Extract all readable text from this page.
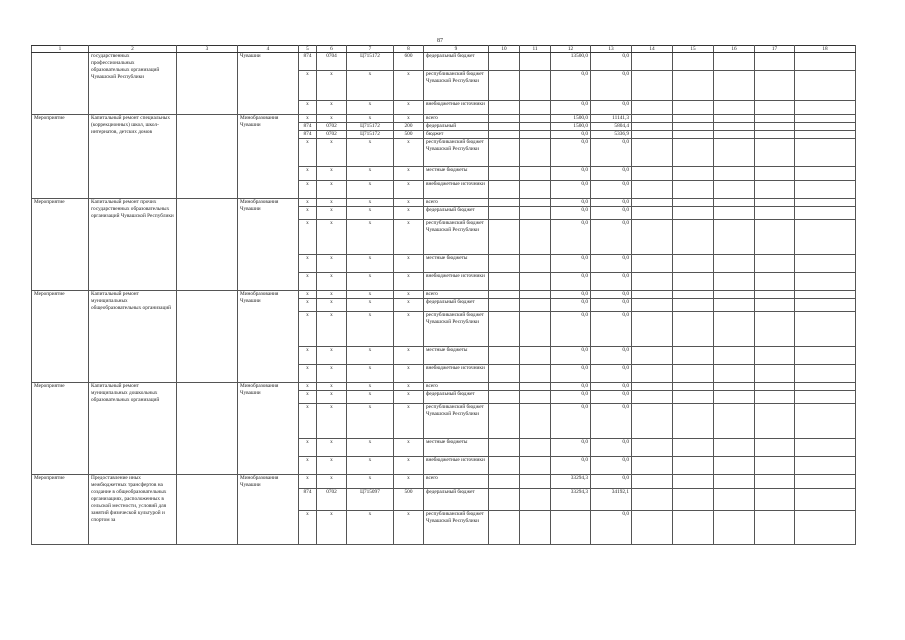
87
1	2	3	4	5	6	7	8	9	10	11	12	13	14	15	16	17	18
	государственных профессиональных образовательных организаций Чувашской Республики		Чувашии	874	0704	Ц715172	600	федеральный бюджет			13500,0	0,0					
				x	x	x	x	республиканский бюджет Чувашской Республики			0,0	0,0					
				x	x	x	x	внебюджетные источники			0,0	0,0					
Мероприятие	Капитальный ремонт специальных (коррекционных) школ, школ-интернатов, детских домов		Минобразования Чувашии	x	x	x	x	всего			1500,0	11141,3					
				874	0702	Ц715172	200	федеральный			1500,0	5804,4					
				874	0702	Ц715172	500	бюджет			0,0	5336,9					
				x	x	x	x	республиканский бюджет Чувашской Республики			0,0	0,0					
				x	x	x	x	местные бюджеты			0,0	0,0					
				x	x	x	x	внебюджетные источники			0,0	0,0					
Мероприятие	Капитальный ремонт прочих государственных образовательных организаций Чувашской Республики		Минобразования Чувашии	x	x	x	x	всего			0,0	0,0					
				x	x	x	x	федеральный бюджет			0,0	0,0					
				x	x	x	x	республиканский бюджет Чувашской Республики			0,0	0,0					
				x	x	x	x	местные бюджеты			0,0	0,0					
				x	x	x	x	внебюджетные источники			0,0	0,0					
Мероприятие	Капитальный ремонт муниципальных общеобразовательных организаций		Минобразования Чувашии	x	x	x	x	всего			0,0	0,0					
				x	x	x	x	федеральный бюджет			0,0	0,0					
				x	x	x	x	республиканский бюджет Чувашской Республики			0,0	0,0					
				x	x	x	x	местные бюджеты			0,0	0,0					
				x	x	x	x	внебюджетные источники			0,0	0,0					
Мероприятие	Капитальный ремонт муниципальных дошкольных образовательных организаций		Минобразования Чувашии	x	x	x	x	всего			0,0	0,0					
				x	x	x	x	федеральный бюджет			0,0	0,0					
				x	x	x	x	республиканский бюджет Чувашской Республики			0,0	0,0					
				x	x	x	x	местные бюджеты			0,0	0,0					
				x	x	x	x	внебюджетные источники			0,0	0,0					
Мероприятие	Предоставление иных межбюджетных трансфертов на создание в общеобразовательных организациях, расположенных в сельской местности, условий для занятий физической культурой и спортом за		Минобразования Чувашии	x	x	x	x	всего			33294,3	0,0					
				874	0702	Ц715097	500	федеральный бюджет			33294,3	34192,1					
				x	x	x	x	республиканский бюджет Чувашской Республики				0,0					
